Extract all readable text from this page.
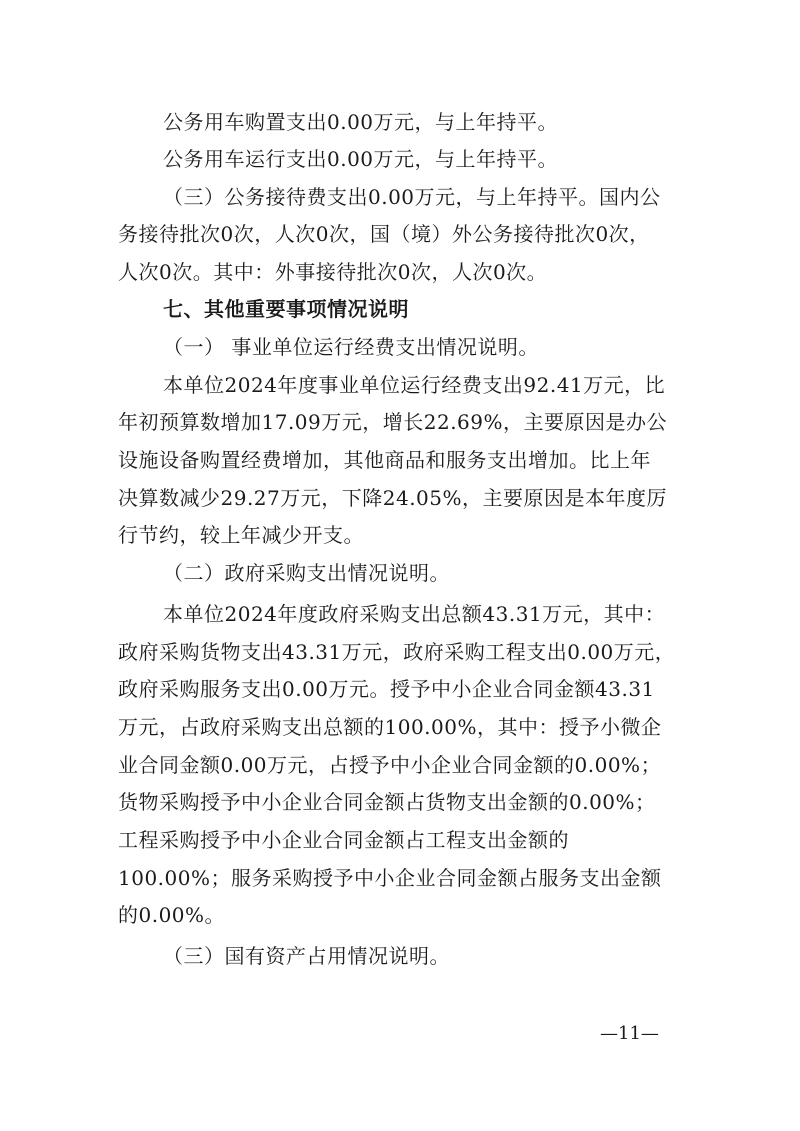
公务用车购置支出0.00万元，与上年持平。
公务用车运行支出0.00万元，与上年持平。
（三）公务接待费支出0.00万元，与上年持平。国内公
务接待批次0次，人次0次，国（境）外公务接待批次0次，
人次0次。其中：外事接待批次0次，人次0次。
七、其他重要事项情况说明
（一） 事业单位运行经费支出情况说明。
本单位2024年度事业单位运行经费支出92.41万元，比
年初预算数增加17.09万元，增长22.69%，主要原因是办公
设施设备购置经费增加，其他商品和服务支出增加。比上年
决算数减少29.27万元，下降24.05%，主要原因是本年度厉
行节约，较上年减少开支。
（二）政府采购支出情况说明。
本单位2024年度政府采购支出总额43.31万元，其中：
政府采购货物支出43.31万元，政府采购工程支出0.00万元，
政府采购服务支出0.00万元。授予中小企业合同金额43.31
万元，占政府采购支出总额的100.00%，其中：授予小微企
业合同金额0.00万元，占授予中小企业合同金额的0.00%；
货物采购授予中小企业合同金额占货物支出金额的0.00%；
工程采购授予中小企业合同金额占工程支出金额的
100.00%；服务采购授予中小企业合同金额占服务支出金额
的0.00%。
（三）国有资产占用情况说明。
—11—
